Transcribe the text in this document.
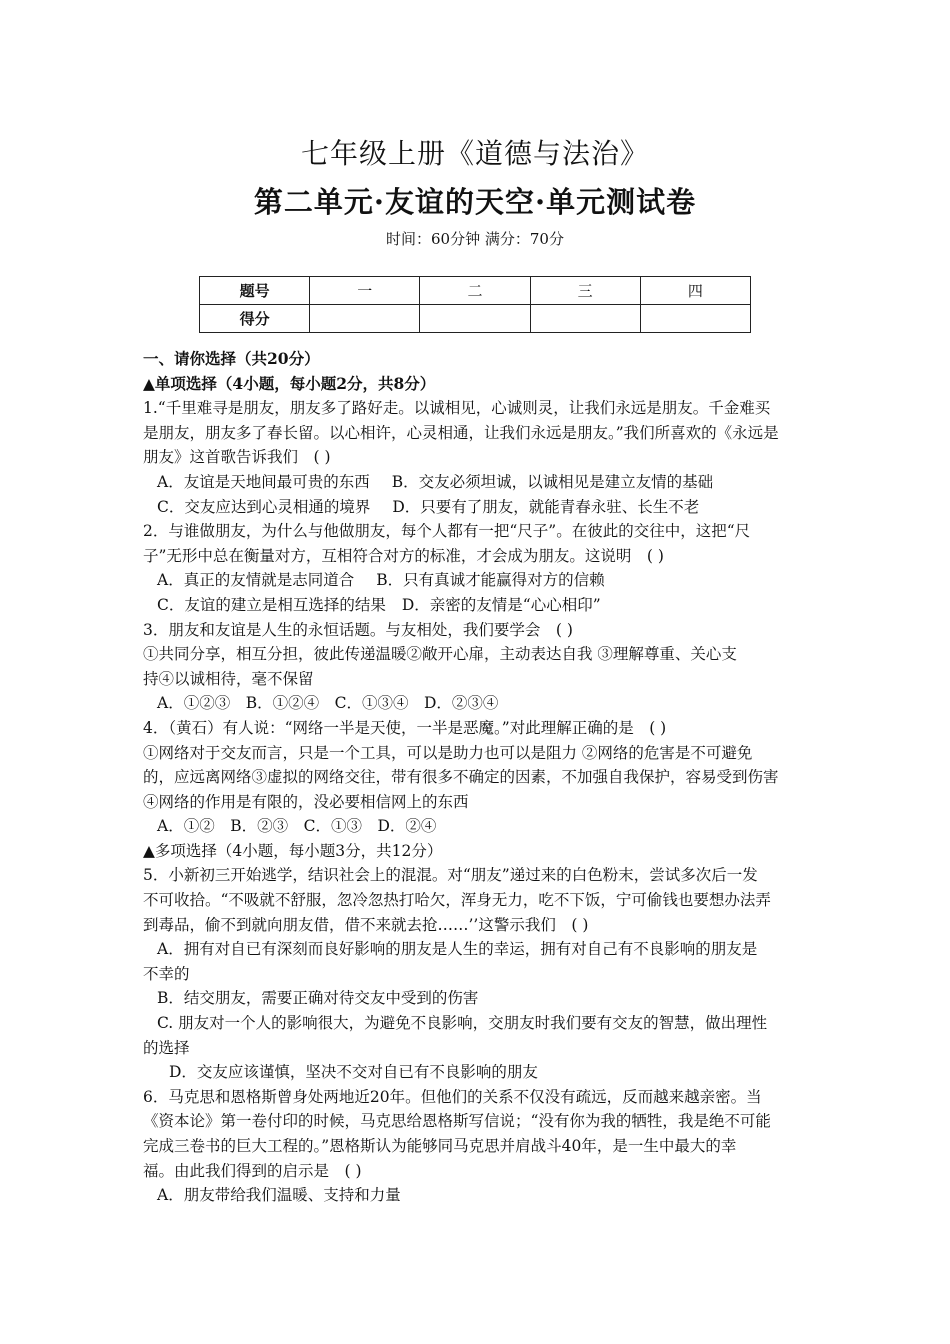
七年级上册《道德与法治》
第二单元·友谊的天空·单元测试卷
时间：60分钟 满分：70分
题号	一	二	三	四
得分				

一、请你选择（共20分）

▲单项选择（4小题，每小题2分，共8分）

1.“千里难寻是朋友，朋友多了路好走。以诚相见，心诚则灵，让我们永远是朋友。千金难买

是朋友，朋友多了春长留。以心相许，心灵相通，让我们永远是朋友。”我们所喜欢的《永远是

朋友》这首歌告诉我们　( )

A．友谊是天地间最可贵的东西 B．交友必须坦诚，以诚相见是建立友情的基础

C．交友应达到心灵相通的境界 D．只要有了朋友，就能青春永驻、长生不老

2．与谁做朋友，为什么与他做朋友，每个人都有一把“尺子”。在彼此的交往中，这把“尺

子”无形中总在衡量对方，互相符合对方的标准，才会成为朋友。这说明　( )

A．真正的友情就是志同道合 B．只有真诚才能赢得对方的信赖

C．友谊的建立是相互选择的结果 D．亲密的友情是“心心相印”

3．朋友和友谊是人生的永恒话题。与友相处，我们要学会　( )

①共同分享，相互分担，彼此传递温暖②敞开心扉，主动表达自我 ③理解尊重、关心支

持④以诚相待，毫不保留

A．①②③　B．①②④　C．①③④　D．②③④

4．（黄石）有人说：“网络一半是天使，一半是恶魔。”对此理解正确的是　( )

①网络对于交友而言，只是一个工具，可以是助力也可以是阻力 ②网络的危害是不可避免

的，应远离网络③虚拟的网络交往，带有很多不确定的因素，不加强自我保护，容易受到伤害

④网络的作用是有限的，没必要相信网上的东西

A．①②　B．②③　C．①③　D．②④

▲多项选择（4小题，每小题3分，共12分）

5．小新初三开始逃学，结识社会上的混混。对“朋友”递过来的白色粉末，尝试多次后一发

不可收拾。“不吸就不舒服，忽冷忽热打哈欠，浑身无力，吃不下饭，宁可偷钱也要想办法弄

到毒品，偷不到就向朋友借，借不来就去抢……’’这警示我们　( )

A．拥有对自已有深刻而良好影响的朋友是人生的幸运，拥有对自己有不良影响的朋友是

不幸的

B．结交朋友，需要正确对待交友中受到的伤害

C. 朋友对一个人的影响很大，为避免不良影响，交朋友时我们要有交友的智慧，做出理性

的选择

D．交友应该谨慎，坚决不交对自已有不良影响的朋友

6．马克思和恩格斯曾身处两地近20年。但他们的关系不仅没有疏远，反而越来越亲密。当

《资本论》第一卷付印的时候，马克思给恩格斯写信说；“没有你为我的牺牲，我是绝不可能

完成三卷书的巨大工程的。”恩格斯认为能够同马克思并肩战斗40年，是一生中最大的幸

福。由此我们得到的启示是　( )

A．朋友带给我们温暖、支持和力量
